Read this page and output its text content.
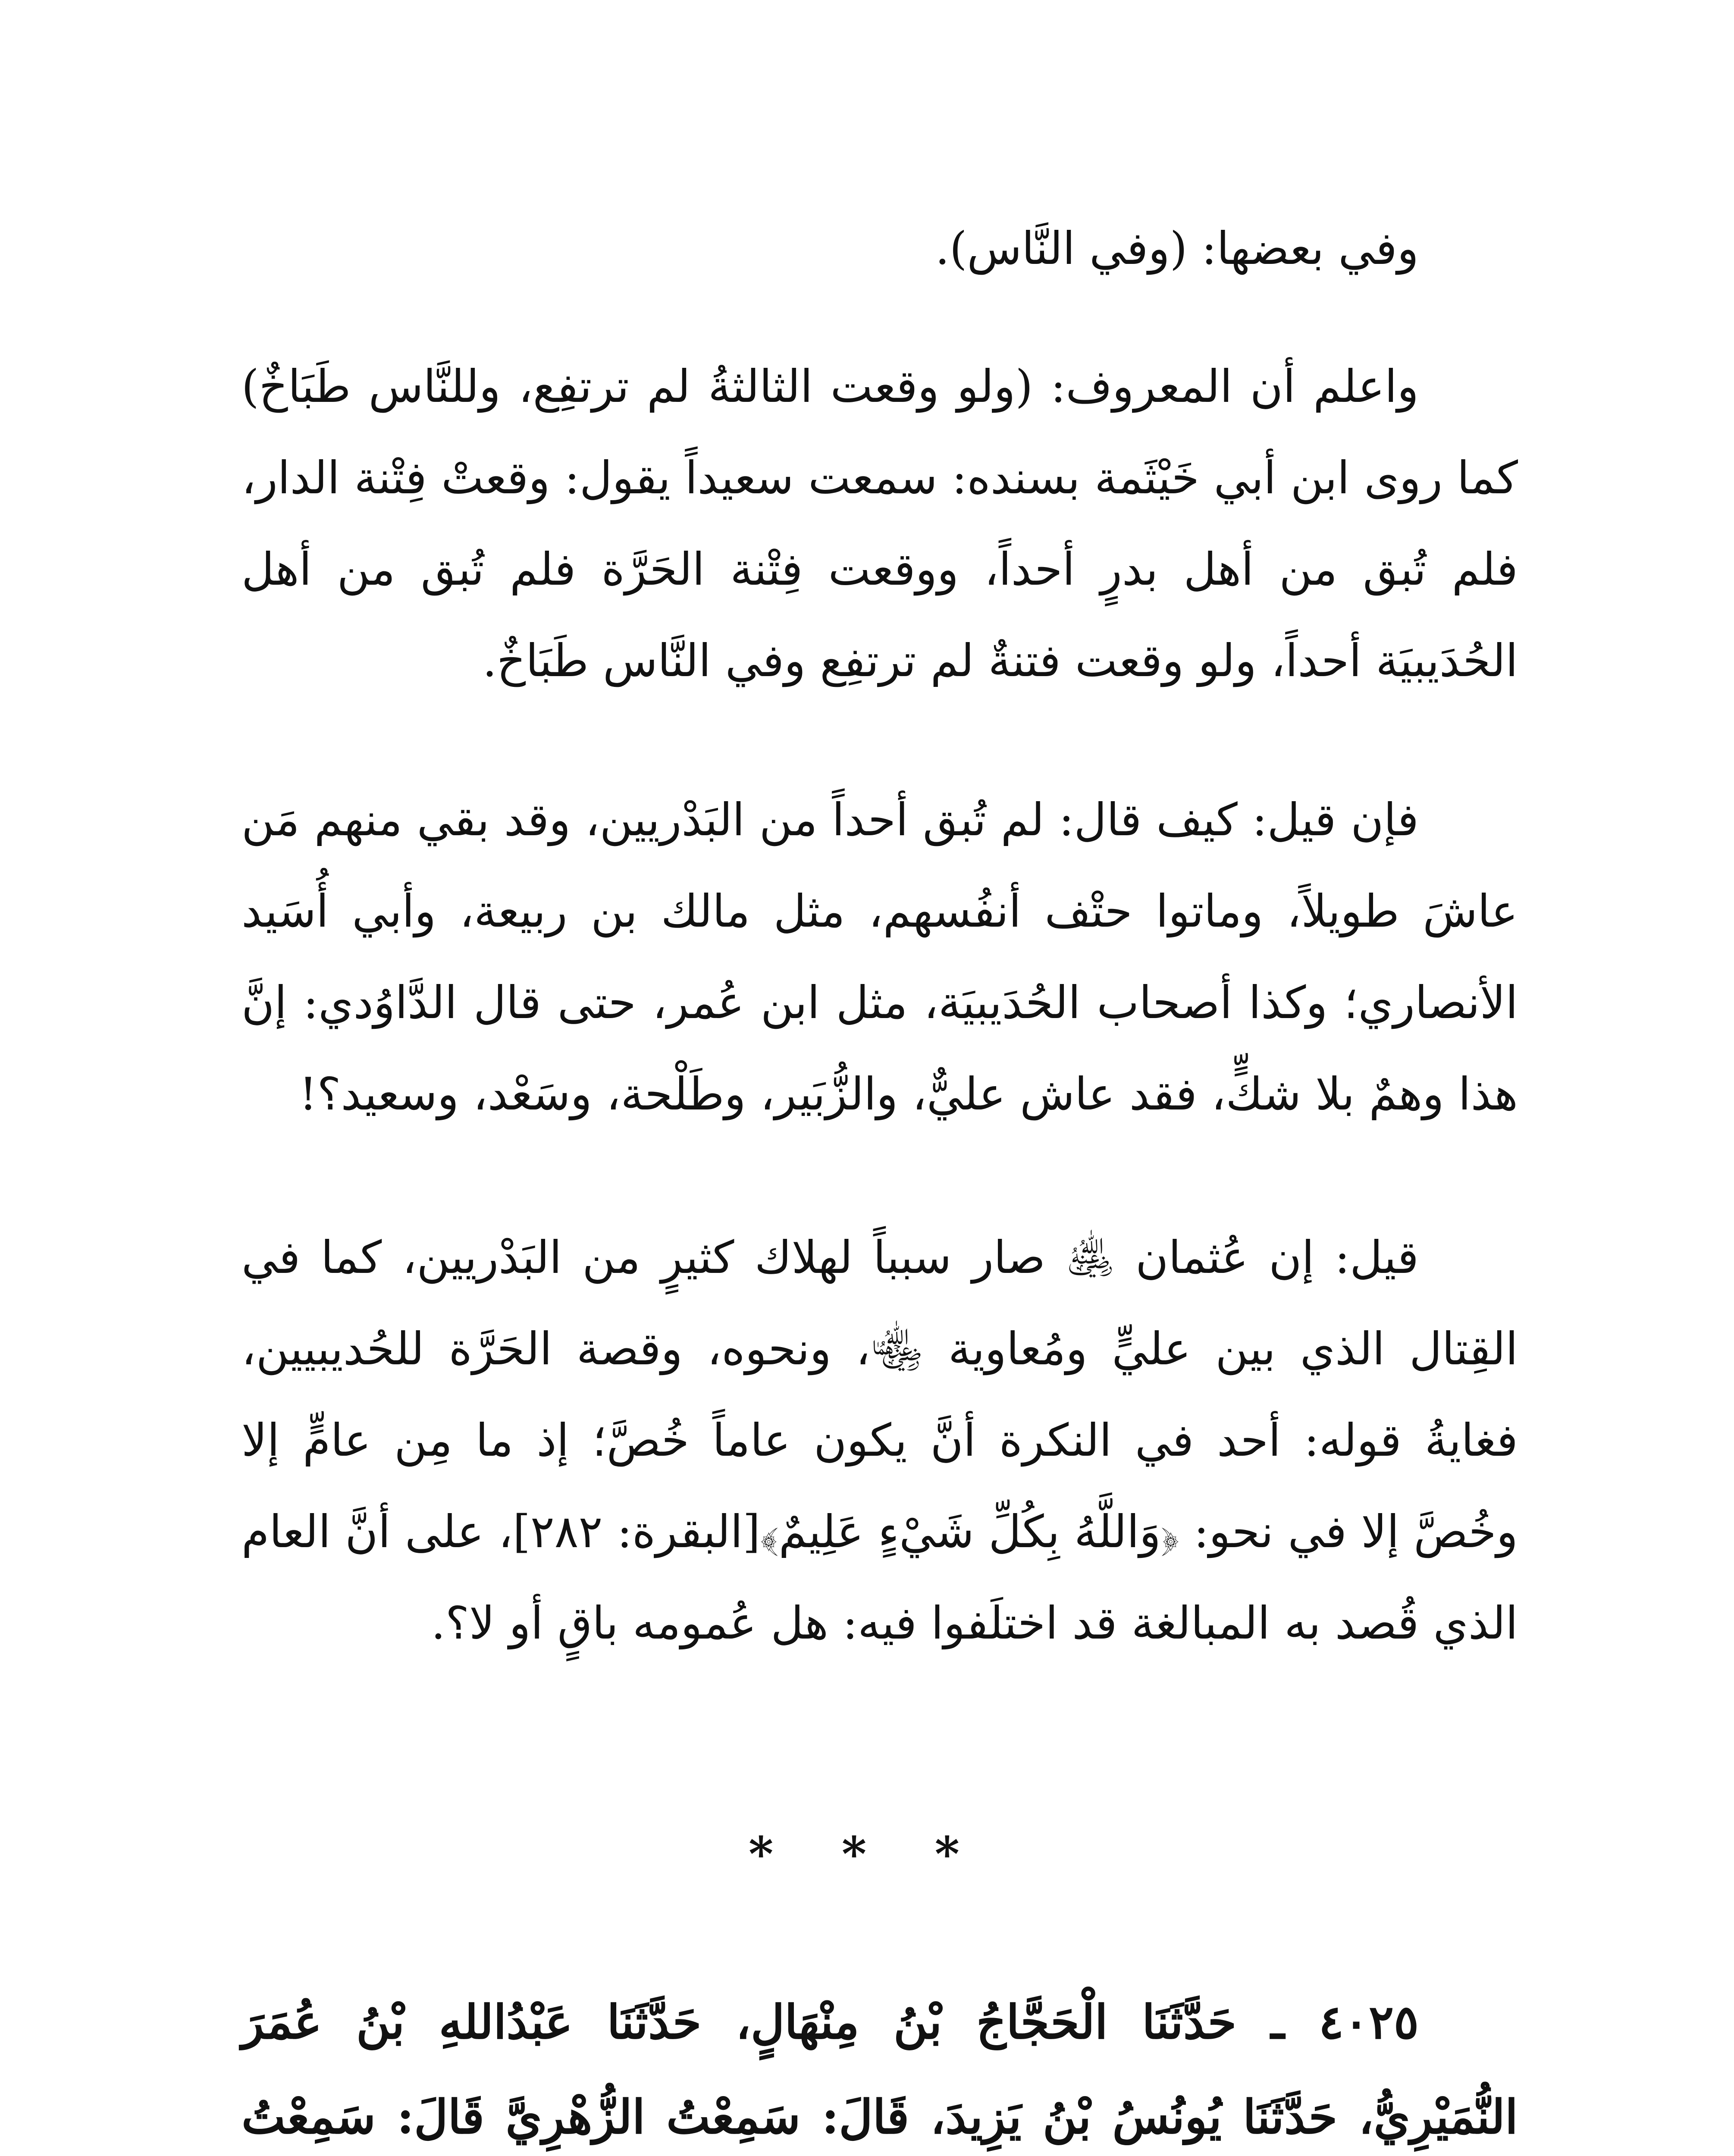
وفي بعضها: (وفي النَّاس).

واعلم أن المعروف: (ولو وقعت الثالثةُ لم ترتفِع، وللنَّاس طَبَاخٌ) كما روى ابن أبي خَيْثَمة بسنده: سمعت سعيداً يقول: وقعتْ فِتْنة الدار، فلم تُبق من أهل بدرٍ أحداً، ووقعت فِتْنة الحَرَّة فلم تُبق من أهل الحُدَيبيَة أحداً، ولو وقعت فتنةٌ لم ترتفِع وفي النَّاس طَبَاخٌ.

فإن قيل: كيف قال: لم تُبق أحداً من البَدْريين، وقد بقي منهم مَن عاشَ طويلاً، وماتوا حتْف أنفُسهم، مثل مالك بن ربيعة، وأبي أُسَيد الأنصاري؛ وكذا أصحاب الحُدَيبيَة، مثل ابن عُمر، حتى قال الدَّاوُدي: إنَّ هذا وهمٌ بلا شكٍّ، فقد عاش عليٌّ، والزُّبَير، وطَلْحة، وسَعْد، وسعيد؟!

قيل: إن عُثمان ﵁ صار سبباً لهلاك كثيرٍ من البَدْريين، كما في القِتال الذي بين عليٍّ ومُعاوية ﵄، ونحوه، وقصة الحَرَّة للحُديبيين، فغايةُ قوله: أحد في النكرة أنَّ يكون عاماً خُصَّ؛ إذ ما مِن عامٍّ إلا وخُصَّ إلا في نحو: ﴿وَاللَّهُ بِكُلِّ شَيْءٍ عَلِيمٌ﴾[البقرة: ٢٨٢]، على أنَّ العام الذي قُصد به المبالغة قد اختلَفوا فيه: هل عُمومه باقٍ أو لا؟.

* * *

٤٠٢٥ ـ حَدَّثَنَا الْحَجَّاجُ بْنُ مِنْهَالٍ، حَدَّثَنَا عَبْدُاللهِ بْنُ عُمَرَ النُّمَيْرِيُّ، حَدَّثَنَا يُونُسُ بْنُ يَزِيدَ، قَالَ: سَمِعْتُ الزُّهْرِيَّ قَالَ: سَمِعْتُ
